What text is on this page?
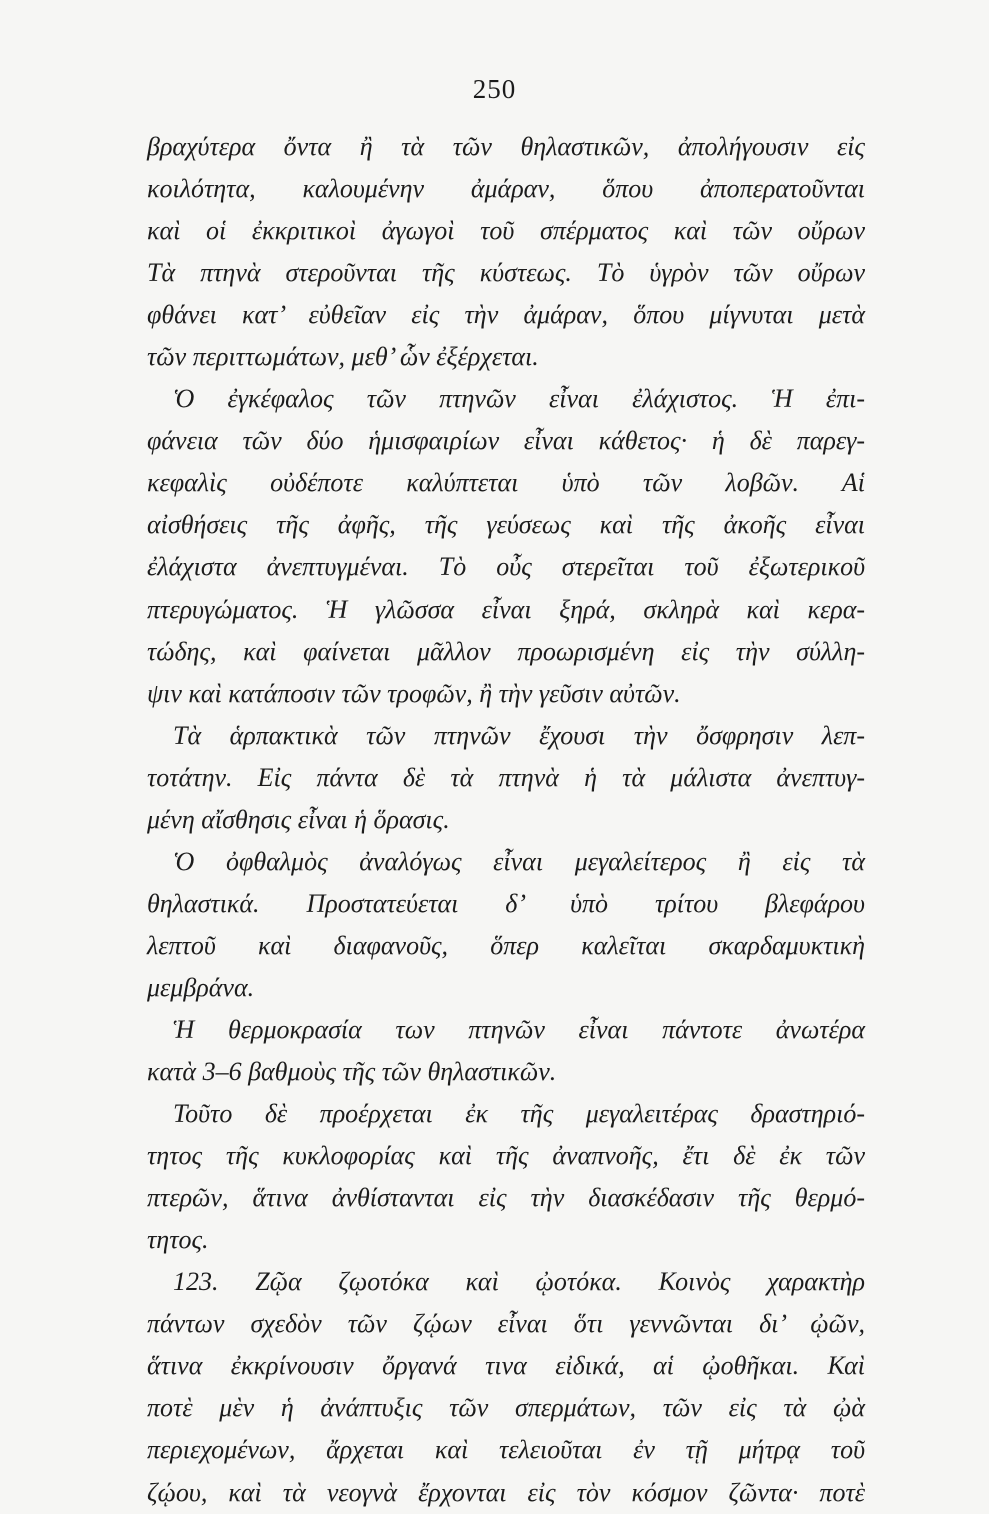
250
βραχύτερα ὄντα ἢ τὰ τῶν θηλαστικῶν, ἀπολήγουσιν εἰς
κοιλότητα, καλουμένην ἀμάραν, ὅπου ἀποπερατοῦνται
καὶ οἱ ἐκκριτικοὶ ἀγωγοὶ τοῦ σπέρματος καὶ τῶν οὔρων
Τὰ πτηνὰ στεροῦνται τῆς κύστεως. Τὸ ὑγρὸν τῶν οὔρων
φθάνει κατ’ εὐθεῖαν εἰς τὴν ἀμάραν, ὅπου μίγνυται μετὰ
τῶν περιττωμάτων, μεθ’ ὧν ἐξέρχεται.
Ὁ ἐγκέφαλος τῶν πτηνῶν εἶναι ἐλάχιστος. Ἡ ἐπι-
φάνεια τῶν δύο ἡμισφαιρίων εἶναι κάθετος· ἡ δὲ παρεγ-
κεφαλὶς οὐδέποτε καλύπτεται ὑπὸ τῶν λοβῶν. Αἱ
αἰσθήσεις τῆς ἀφῆς, τῆς γεύσεως καὶ τῆς ἀκοῆς εἶναι
ἐλάχιστα ἀνεπτυγμέναι. Τὸ οὖς στερεῖται τοῦ ἐξωτερικοῦ
πτερυγώματος. Ἡ γλῶσσα εἶναι ξηρά, σκληρὰ καὶ κερα-
τώδης, καὶ φαίνεται μᾶλλον προωρισμένη εἰς τὴν σύλλη-
ψιν καὶ κατάποσιν τῶν τροφῶν, ἢ τὴν γεῦσιν αὐτῶν.
Τὰ ἁρπακτικὰ τῶν πτηνῶν ἔχουσι τὴν ὄσφρησιν λεπ-
τοτάτην. Εἰς πάντα δὲ τὰ πτηνὰ ἡ τὰ μάλιστα ἀνεπτυγ-
μένη αἴσθησις εἶναι ἡ ὅρασις.
Ὁ ὀφθαλμὸς ἀναλόγως εἶναι μεγαλείτερος ἢ εἰς τὰ
θηλαστικά. Προστατεύεται δ’ ὑπὸ τρίτου βλεφάρου
λεπτοῦ καὶ διαφανοῦς, ὅπερ καλεῖται σκαρδαμυκτικὴ
μεμβράνα.
Ἡ θερμοκρασία των πτηνῶν εἶναι πάντοτε ἀνωτέρα
κατὰ 3–6 βαθμοὺς τῆς τῶν θηλαστικῶν.
Τοῦτο δὲ προέρχεται ἐκ τῆς μεγαλειτέρας δραστηριό-
τητος τῆς κυκλοφορίας καὶ τῆς ἀναπνοῆς, ἔτι δὲ ἐκ τῶν
πτερῶν, ἅτινα ἀνθίστανται εἰς τὴν διασκέδασιν τῆς θερμό-
τητος.
123. Ζῷα ζῳοτόκα καὶ ᾠοτόκα. Κοινὸς χαρακτὴρ
πάντων σχεδὸν τῶν ζῴων εἶναι ὅτι γεννῶνται δι’ ᾠῶν,
ἅτινα ἐκκρίνουσιν ὄργανά τινα εἰδικά, αἱ ᾠοθῆκαι. Καὶ
ποτὲ μὲν ἡ ἀνάπτυξις τῶν σπερμάτων, τῶν εἰς τὰ ᾠὰ
περιεχομένων, ἄρχεται καὶ τελειοῦται ἐν τῇ μήτρᾳ τοῦ
ζῴου, καὶ τὰ νεογνὰ ἔρχονται εἰς τὸν κόσμον ζῶντα· ποτὲ
